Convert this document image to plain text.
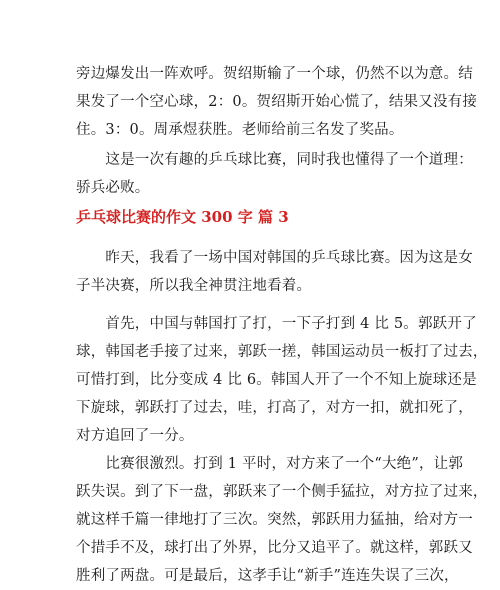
旁边爆发出一阵欢呼。贺绍斯输了一个球，仍然不以为意。结
果发了一个空心球，2：0。贺绍斯开始心慌了，结果又没有接
住。3：0。周承煜获胜。老师给前三名发了奖品。
　　这是一次有趣的乒乓球比赛，同时我也懂得了一个道理：
骄兵必败。
乒乓球比赛的作文 300 字 篇 3
　　昨天，我看了一场中国对韩国的乒乓球比赛。因为这是女
子半决赛，所以我全神贯注地看着。
　　首先，中国与韩国打了打，一下子打到 4 比 5。郭跃开了
球，韩国老手接了过来，郭跃一搓，韩国运动员一板打了过去，
可惜打到，比分变成 4 比 6。韩国人开了一个不知上旋球还是
下旋球，郭跃打了过去，哇，打高了，对方一扣，就扣死了，
对方追回了一分。
　　比赛很激烈。打到 1 平时，对方来了一个“大绝”，让郭
跃失误。到了下一盘，郭跃来了一个侧手猛拉，对方拉了过来，
就这样千篇一律地打了三次。突然，郭跃用力猛抽，给对方一
个措手不及，球打出了外界，比分又追平了。就这样，郭跃又
胜利了两盘。可是最后，这孝手让“新手”连连失误了三次，
